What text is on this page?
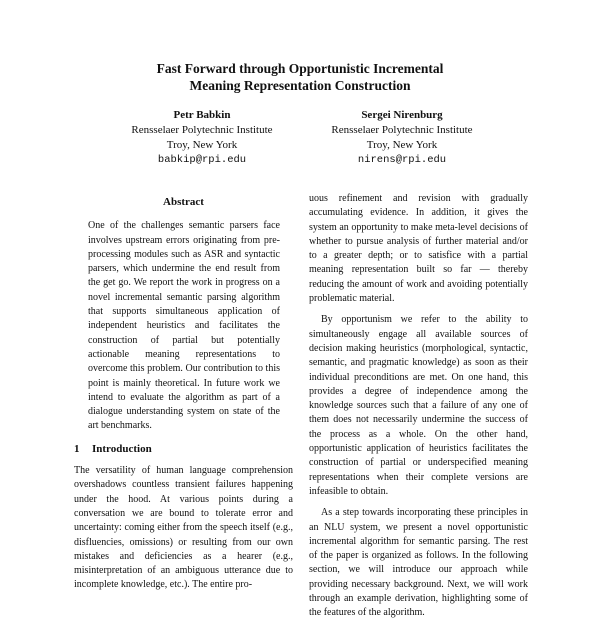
Fast Forward through Opportunistic Incremental
Meaning Representation Construction
Petr Babkin
Rensselaer Polytechnic Institute
Troy, New York
babkip@rpi.edu
Sergei Nirenburg
Rensselaer Polytechnic Institute
Troy, New York
nirens@rpi.edu
Abstract

One of the challenges semantic parsers face involves upstream errors originating from pre-processing modules such as ASR and syntactic parsers, which undermine the end result from the get go. We report the work in progress on a novel incremental semantic parsing algorithm that supports simultaneous application of independent heuristics and facilitates the construction of partial but potentially actionable meaning representations to overcome this problem. Our contribution to this point is mainly theoretical. In future work we intend to evaluate the algorithm as part of a dialogue understanding system on state of the art benchmarks.

1 Introduction

The versatility of human language comprehension overshadows countless transient failures happening under the hood. At various points during a conversation we are bound to tolerate error and uncertainty: coming either from the speech itself (e.g., disfluencies, omissions) or resulting from our own mistakes and deficiencies as a hearer (e.g., misinterpretation of an ambiguous utterance due to incomplete knowledge, etc.). The entire pro-

uous refinement and revision with gradually accumulating evidence. In addition, it gives the system an opportunity to make meta-level decisions of whether to pursue analysis of further material and/or to a greater depth; or to satisfice with a partial meaning representation built so far — thereby reducing the amount of work and avoiding potentially problematic material.

By opportunism we refer to the ability to simultaneously engage all available sources of decision making heuristics (morphological, syntactic, semantic, and pragmatic knowledge) as soon as their individual preconditions are met. On one hand, this provides a degree of independence among the knowledge sources such that a failure of any one of them does not necessarily undermine the success of the process as a whole. On the other hand, opportunistic application of heuristics facilitates the construction of partial or underspecified meaning representations when their complete versions are infeasible to obtain.

As a step towards incorporating these principles in an NLU system, we present a novel opportunistic incremental algorithm for semantic parsing. The rest of the paper is organized as follows. In the following section, we will introduce our approach while providing necessary background. Next, we will work through an example derivation, highlighting some of the features of the algorithm.
